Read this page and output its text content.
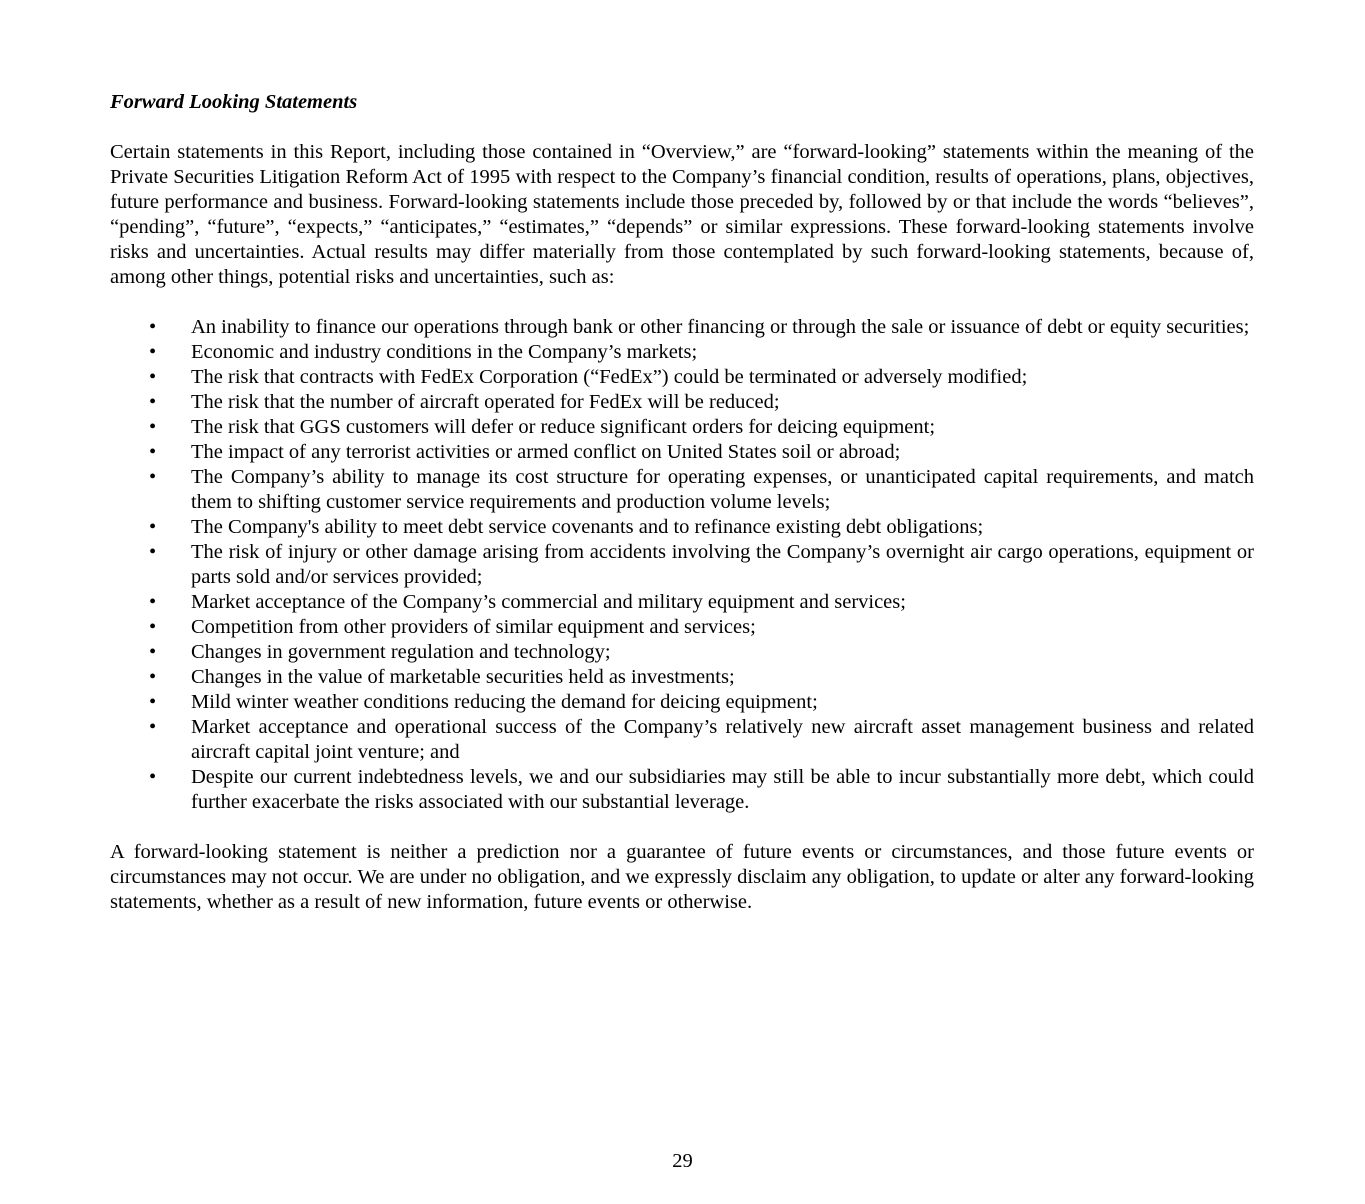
Forward Looking Statements

Certain statements in this Report, including those contained in “Overview,” are “forward-looking” statements within the meaning of the Private Securities Litigation Reform Act of 1995 with respect to the Company’s financial condition, results of operations, plans, objectives, future performance and business. Forward-looking statements include those preceded by, followed by or that include the words “believes”, “pending”, “future”, “expects,” “anticipates,” “estimates,” “depends” or similar expressions. These forward-looking statements involve risks and uncertainties. Actual results may differ materially from those contemplated by such forward-looking statements, because of, among other things, potential risks and uncertainties, such as:

• An inability to finance our operations through bank or other financing or through the sale or issuance of debt or equity securities;
• Economic and industry conditions in the Company’s markets;
• The risk that contracts with FedEx Corporation (“FedEx”) could be terminated or adversely modified;
• The risk that the number of aircraft operated for FedEx will be reduced;
• The risk that GGS customers will defer or reduce significant orders for deicing equipment;
• The impact of any terrorist activities or armed conflict on United States soil or abroad;
• The Company’s ability to manage its cost structure for operating expenses, or unanticipated capital requirements, and match them to shifting customer service requirements and production volume levels;
• The Company's ability to meet debt service covenants and to refinance existing debt obligations;
• The risk of injury or other damage arising from accidents involving the Company’s overnight air cargo operations, equipment or parts sold and/or services provided;
• Market acceptance of the Company’s commercial and military equipment and services;
• Competition from other providers of similar equipment and services;
• Changes in government regulation and technology;
• Changes in the value of marketable securities held as investments;
• Mild winter weather conditions reducing the demand for deicing equipment;
• Market acceptance and operational success of the Company’s relatively new aircraft asset management business and related aircraft capital joint venture; and
• Despite our current indebtedness levels, we and our subsidiaries may still be able to incur substantially more debt, which could further exacerbate the risks associated with our substantial leverage.

A forward-looking statement is neither a prediction nor a guarantee of future events or circumstances, and those future events or circumstances may not occur. We are under no obligation, and we expressly disclaim any obligation, to update or alter any forward-looking statements, whether as a result of new information, future events or otherwise.

29
